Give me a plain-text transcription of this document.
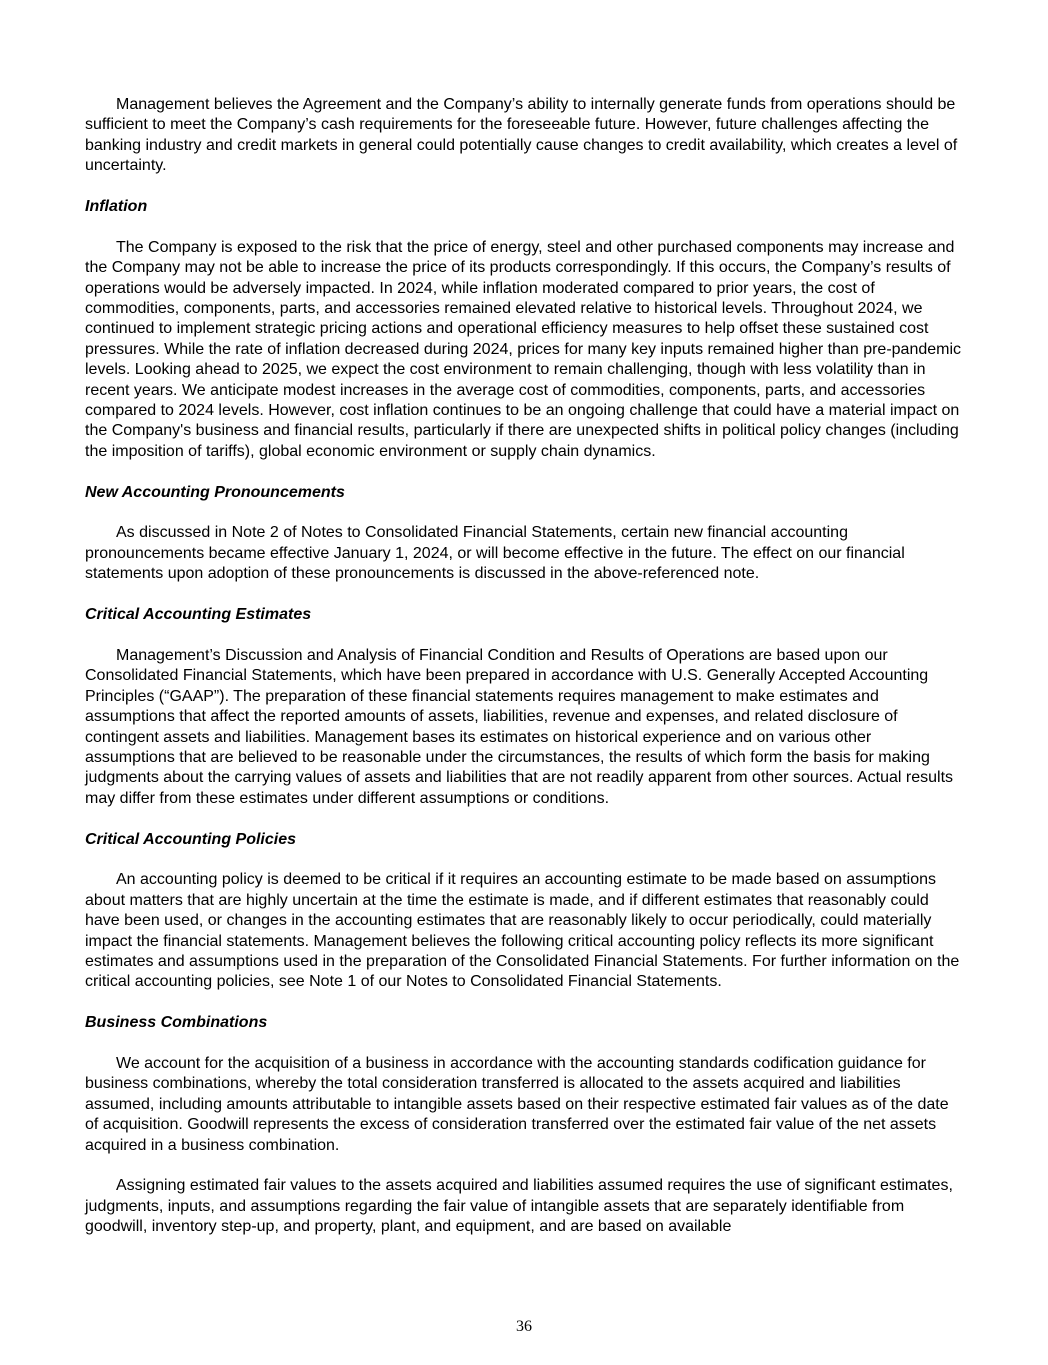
Management believes the Agreement and the Company’s ability to internally generate funds from operations should be sufficient to meet the Company’s cash requirements for the foreseeable future. However, future challenges affecting the banking industry and credit markets in general could potentially cause changes to credit availability, which creates a level of uncertainty.

Inflation

The Company is exposed to the risk that the price of energy, steel and other purchased components may increase and the Company may not be able to increase the price of its products correspondingly. If this occurs, the Company’s results of operations would be adversely impacted. In 2024, while inflation moderated compared to prior years, the cost of commodities, components, parts, and accessories remained elevated relative to historical levels. Throughout 2024, we continued to implement strategic pricing actions and operational efficiency measures to help offset these sustained cost pressures. While the rate of inflation decreased during 2024, prices for many key inputs remained higher than pre-pandemic levels. Looking ahead to 2025, we expect the cost environment to remain challenging, though with less volatility than in recent years. We anticipate modest increases in the average cost of commodities, components, parts, and accessories compared to 2024 levels. However, cost inflation continues to be an ongoing challenge that could have a material impact on the Company's business and financial results, particularly if there are unexpected shifts in political policy changes (including the imposition of tariffs), global economic environment or supply chain dynamics.

New Accounting Pronouncements

As discussed in Note 2 of Notes to Consolidated Financial Statements, certain new financial accounting pronouncements became effective January 1, 2024, or will become effective in the future. The effect on our financial statements upon adoption of these pronouncements is discussed in the above-referenced note.

Critical Accounting Estimates

Management’s Discussion and Analysis of Financial Condition and Results of Operations are based upon our Consolidated Financial Statements, which have been prepared in accordance with U.S. Generally Accepted Accounting Principles (“GAAP”). The preparation of these financial statements requires management to make estimates and assumptions that affect the reported amounts of assets, liabilities, revenue and expenses, and related disclosure of contingent assets and liabilities. Management bases its estimates on historical experience and on various other assumptions that are believed to be reasonable under the circumstances, the results of which form the basis for making judgments about the carrying values of assets and liabilities that are not readily apparent from other sources. Actual results may differ from these estimates under different assumptions or conditions.

Critical Accounting Policies

An accounting policy is deemed to be critical if it requires an accounting estimate to be made based on assumptions about matters that are highly uncertain at the time the estimate is made, and if different estimates that reasonably could have been used, or changes in the accounting estimates that are reasonably likely to occur periodically, could materially impact the financial statements. Management believes the following critical accounting policy reflects its more significant estimates and assumptions used in the preparation of the Consolidated Financial Statements. For further information on the critical accounting policies, see Note 1 of our Notes to Consolidated Financial Statements.

Business Combinations

We account for the acquisition of a business in accordance with the accounting standards codification guidance for business combinations, whereby the total consideration transferred is allocated to the assets acquired and liabilities assumed, including amounts attributable to intangible assets based on their respective estimated fair values as of the date of acquisition. Goodwill represents the excess of consideration transferred over the estimated fair value of the net assets acquired in a business combination.

Assigning estimated fair values to the assets acquired and liabilities assumed requires the use of significant estimates, judgments, inputs, and assumptions regarding the fair value of intangible assets that are separately identifiable from goodwill, inventory step-up, and property, plant, and equipment, and are based on available

36
